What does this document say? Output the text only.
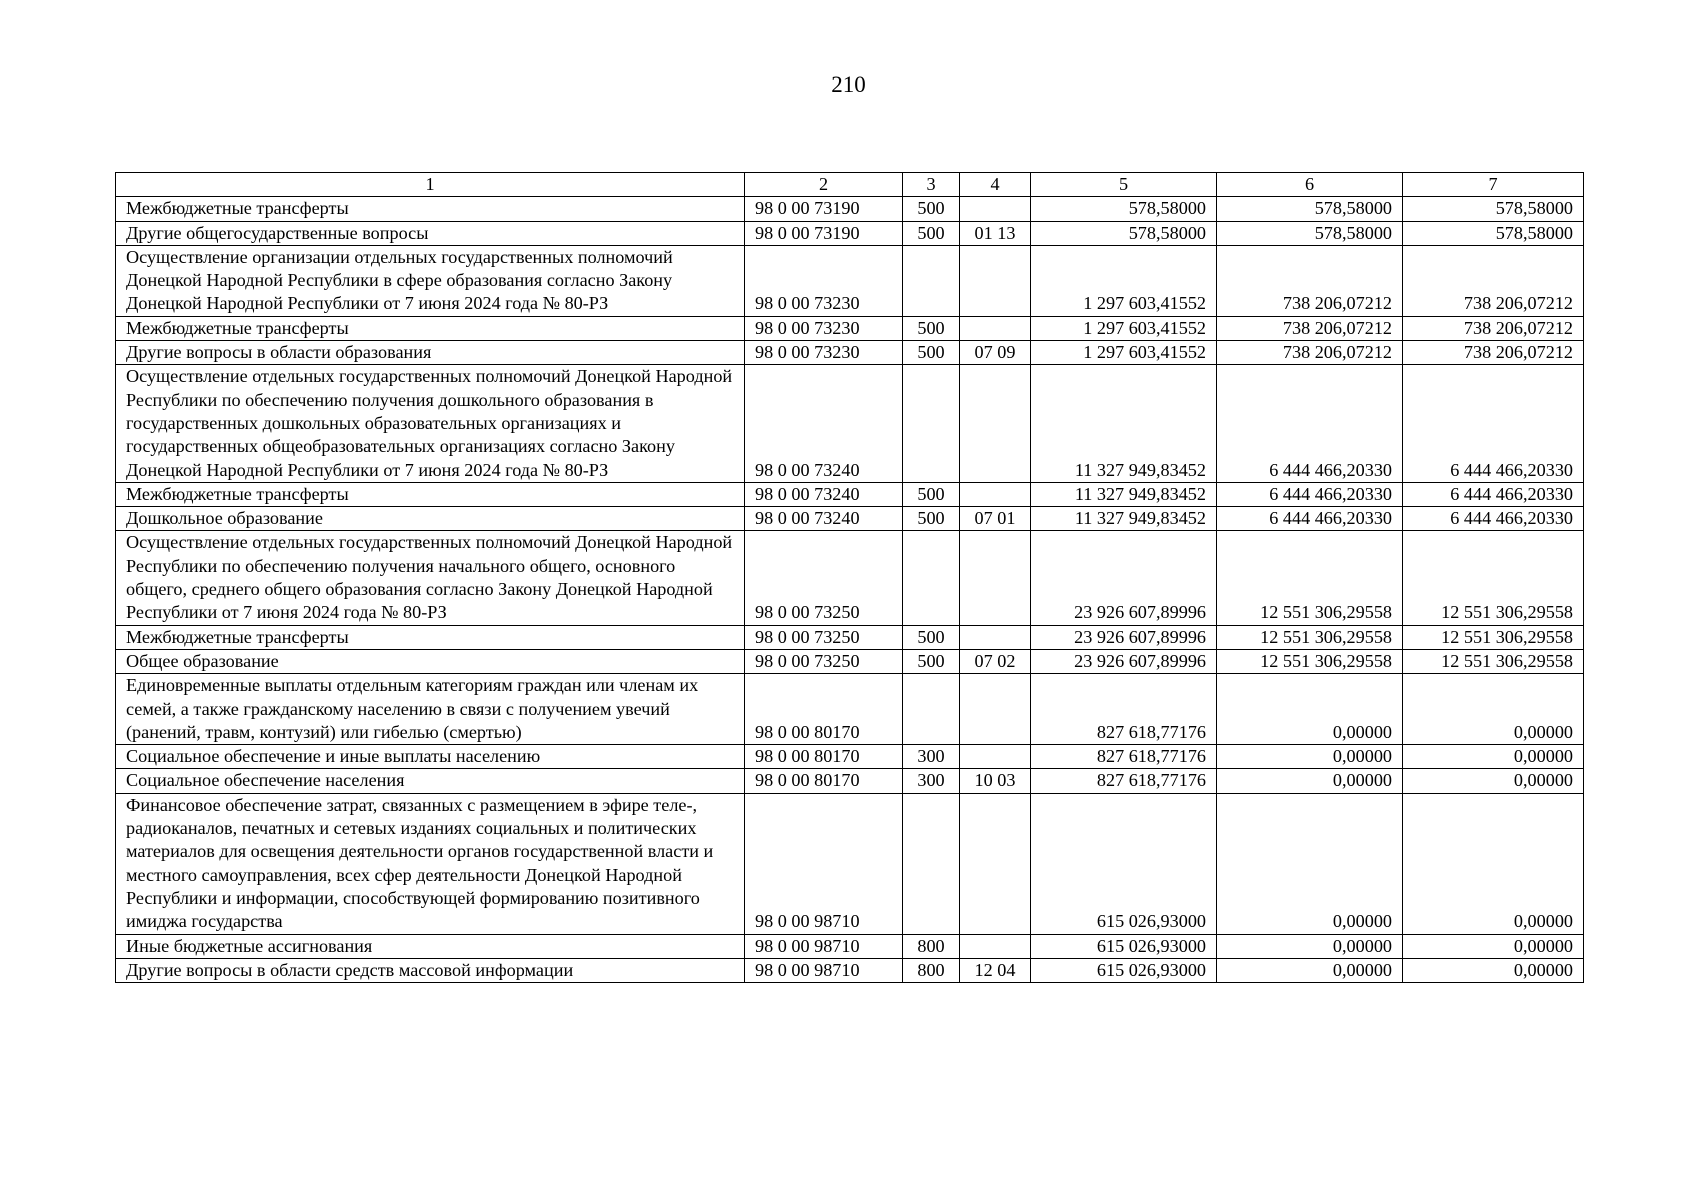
210
1	2	3	4	5	6	7
Межбюджетные трансферты	98 0 00 73190	500		578,58000	578,58000	578,58000
Другие общегосударственные вопросы	98 0 00 73190	500	01 13	578,58000	578,58000	578,58000
Осуществление организации отдельных государственных полномочий Донецкой Народной Республики в сфере образования согласно Закону Донецкой Народной Республики от 7 июня 2024 года № 80-РЗ	98 0 00 73230			1 297 603,41552	738 206,07212	738 206,07212
Межбюджетные трансферты	98 0 00 73230	500		1 297 603,41552	738 206,07212	738 206,07212
Другие вопросы в области образования	98 0 00 73230	500	07 09	1 297 603,41552	738 206,07212	738 206,07212
Осуществление отдельных государственных полномочий Донецкой Народной Республики по обеспечению получения дошкольного образования в государственных дошкольных образовательных организациях и государственных общеобразовательных организациях согласно Закону Донецкой Народной Республики от 7 июня 2024 года № 80-РЗ	98 0 00 73240			11 327 949,83452	6 444 466,20330	6 444 466,20330
Межбюджетные трансферты	98 0 00 73240	500		11 327 949,83452	6 444 466,20330	6 444 466,20330
Дошкольное образование	98 0 00 73240	500	07 01	11 327 949,83452	6 444 466,20330	6 444 466,20330
Осуществление отдельных государственных полномочий Донецкой Народной Республики по обеспечению получения начального общего, основного общего, среднего общего образования согласно Закону Донецкой Народной Республики от 7 июня 2024 года № 80-РЗ	98 0 00 73250			23 926 607,89996	12 551 306,29558	12 551 306,29558
Межбюджетные трансферты	98 0 00 73250	500		23 926 607,89996	12 551 306,29558	12 551 306,29558
Общее образование	98 0 00 73250	500	07 02	23 926 607,89996	12 551 306,29558	12 551 306,29558
Единовременные выплаты отдельным категориям граждан или членам их семей, а также гражданскому населению в связи с получением увечий (ранений, травм, контузий) или гибелью (смертью)	98 0 00 80170			827 618,77176	0,00000	0,00000
Социальное обеспечение и иные выплаты населению	98 0 00 80170	300		827 618,77176	0,00000	0,00000
Социальное обеспечение населения	98 0 00 80170	300	10 03	827 618,77176	0,00000	0,00000
Финансовое обеспечение затрат, связанных с размещением в эфире теле-, радиоканалов, печатных и сетевых изданиях социальных и политических материалов для освещения деятельности органов государственной власти и местного самоуправления, всех сфер деятельности Донецкой Народной Республики и информации, способствующей формированию позитивного имиджа государства	98 0 00 98710			615 026,93000	0,00000	0,00000
Иные бюджетные ассигнования	98 0 00 98710	800		615 026,93000	0,00000	0,00000
Другие вопросы в области средств массовой информации	98 0 00 98710	800	12 04	615 026,93000	0,00000	0,00000
